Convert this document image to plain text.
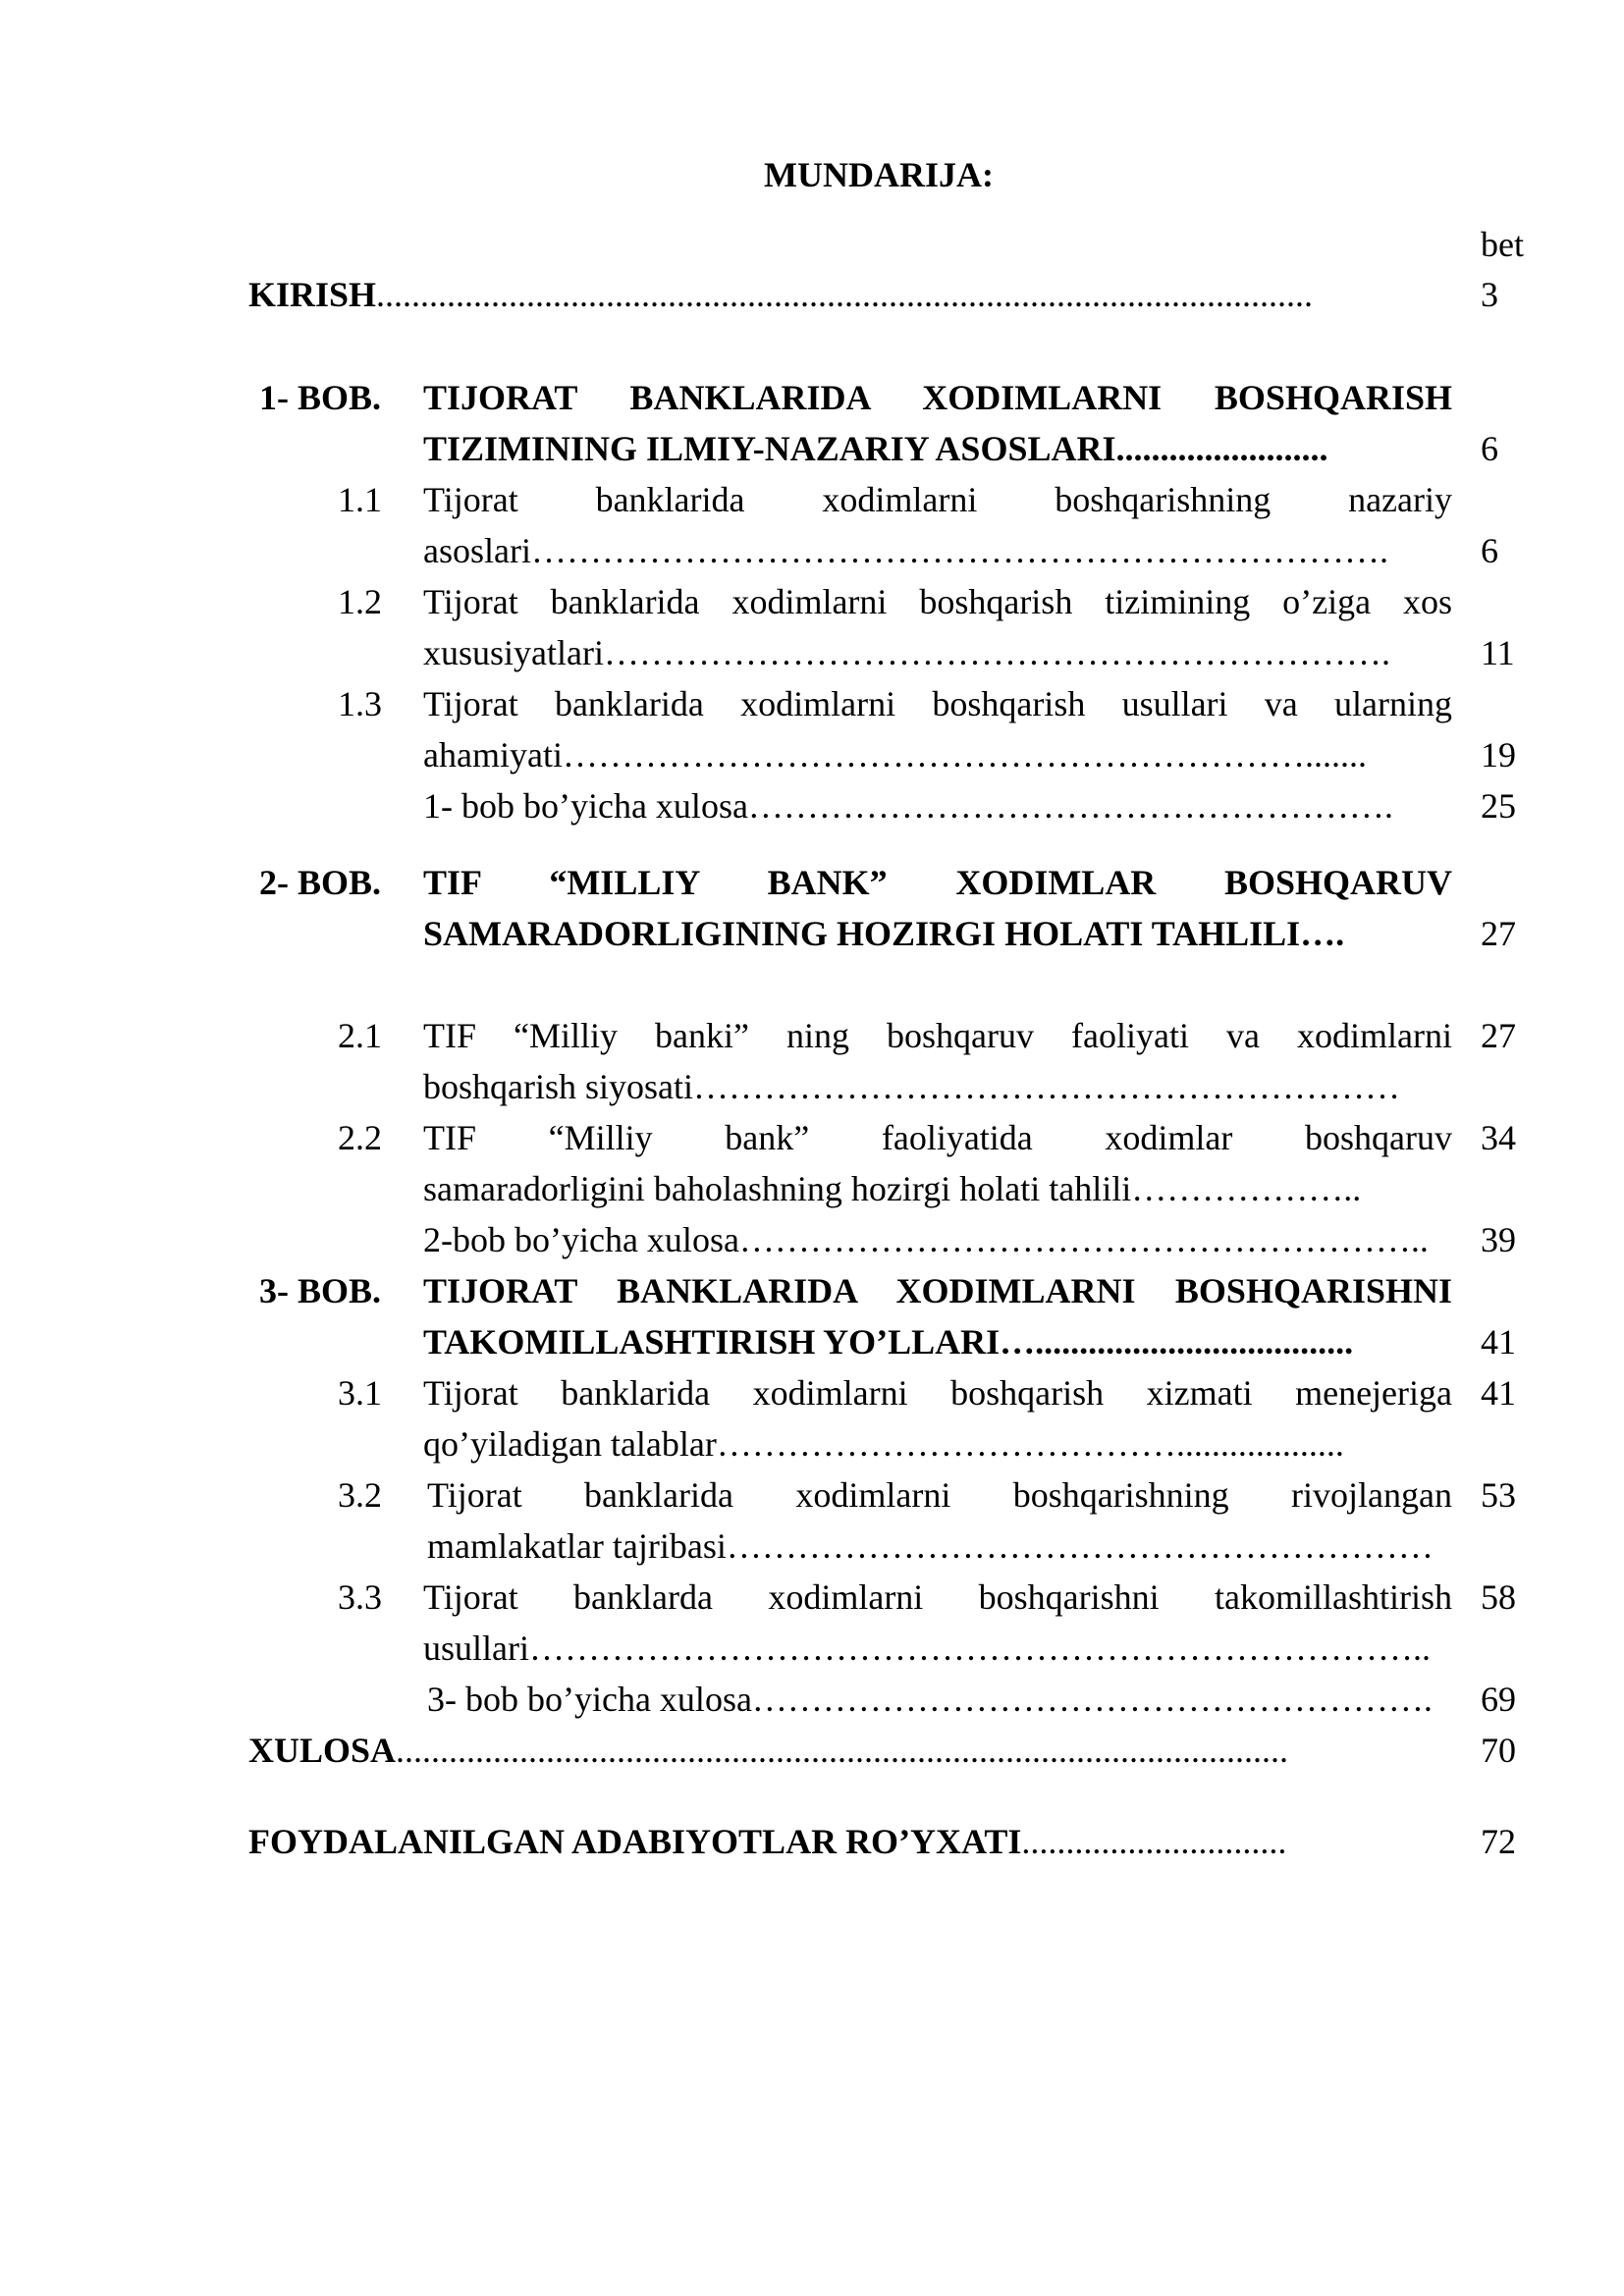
MUNDARIJA:
bet
KIRISH..........................................................................................................	3
1- BOB. TIJORAT BANKLARIDA XODIMLARNI BOSHQARISH
TIZIMINING ILMIY-NAZARIY ASOSLARI........................	6
1.1 Tijorat banklarida xodimlarni boshqarishning nazariy
asoslari……………………………………………………………….	6
1.2 Tijorat banklarida xodimlarni boshqarish tizimining o’ziga xos
xususiyatlari………………………………………………………….	11
1.3 Tijorat banklarida xodimlarni boshqarish usullari va ularning
ahamiyati……………………………………………………….......	19
1- bob bo’yicha xulosa………………………………………………. 25
2- BOB. TIF “MILLIY BANK” XODIMLAR BOSHQARUV
SAMARADORLIGINING HOZIRGI HOLATI TAHLILI….	27
2.1 TIF “Milliy banki” ning boshqaruv faoliyati va xodimlarni 27
boshqarish siyosati……………………………………………………
2.2 TIF “Milliy bank” faoliyatida xodimlar boshqaruv 34
samaradorligini baholashning hozirgi holati tahlili………………..
2-bob bo’yicha xulosa………………………………………………….. 39
3- BOB. TIJORAT BANKLARIDA XODIMLARNI BOSHQARISHNI
TAKOMILLASHTIRISH YO’LLARI…....................................	41
3.1 Tijorat banklarida xodimlarni boshqarish xizmati menejeriga 41
qo’yiladigan talablar…………………………………...................
3.2 Tijorat banklarida xodimlarni boshqarishning rivojlangan 53
mamlakatlar tajribasi……………………………………………………
3.3 Tijorat banklarda xodimlarni boshqarishni takomillashtirish 58
usullari…………………………………………………………………..
3- bob bo’yicha xulosa…………………………………………………. 69
XULOSA.....................................................................................................	70
FOYDALANILGAN ADABIYOTLAR RO’YXATI..............................	72
